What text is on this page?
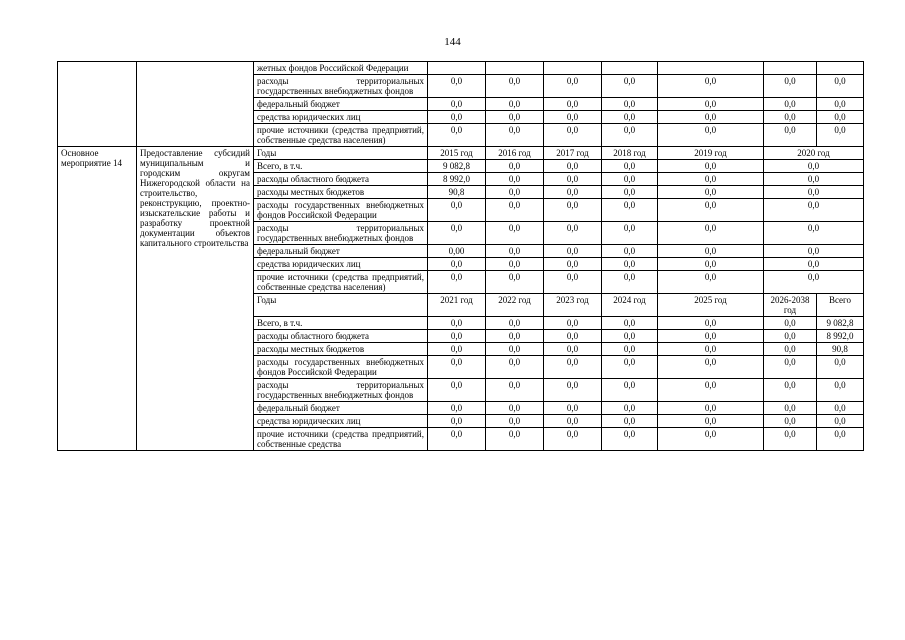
144
		жетных фондов Российской Федерации							
		расходы территориальных государственных внебюджетных фондов	0,0	0,0	0,0	0,0	0,0	0,0	0,0
		федеральный бюджет	0,0	0,0	0,0	0,0	0,0	0,0	0,0
		средства юридических лиц	0,0	0,0	0,0	0,0	0,0	0,0	0,0
		прочие источники (средства предприятий, собственные средства населения)	0,0	0,0	0,0	0,0	0,0	0,0	0,0
Основное мероприятие 14	Предоставление субсидий муниципальным и городским округам Нижегородской области на строительство, реконструкцию, проектно-изыскательские работы и разработку проектной документации объектов капитального строительства	Годы	2015 год	2016 год	2017 год	2018 год	2019 год	2020 год	
		Всего, в т.ч.	9 082,8	0,0	0,0	0,0	0,0	0,0	
		расходы областного бюджета	8 992,0	0,0	0,0	0,0	0,0	0,0	
		расходы местных бюджетов	90,8	0,0	0,0	0,0	0,0	0,0	
		расходы государственных внебюджетных фондов Российской Федерации	0,0	0,0	0,0	0,0	0,0	0,0	
		расходы территориальных государственных внебюджетных фондов	0,0	0,0	0,0	0,0	0,0	0,0	
		федеральный бюджет	0,00	0,0	0,0	0,0	0,0	0,0	
		средства юридических лиц	0,0	0,0	0,0	0,0	0,0	0,0	
		прочие источники (средства предприятий, собственные средства населения)	0,0	0,0	0,0	0,0	0,0	0,0	
		Годы	2021 год	2022 год	2023 год	2024 год	2025 год	2026-2038 год	Всего
		Всего, в т.ч.	0,0	0,0	0,0	0,0	0,0	0,0	9 082,8
		расходы областного бюджета	0,0	0,0	0,0	0,0	0,0	0,0	8 992,0
		расходы местных бюджетов	0,0	0,0	0,0	0,0	0,0	0,0	90,8
		расходы государственных внебюджетных фондов Российской Федерации	0,0	0,0	0,0	0,0	0,0	0,0	0,0
		расходы территориальных государственных внебюджетных фондов	0,0	0,0	0,0	0,0	0,0	0,0	0,0
		федеральный бюджет	0,0	0,0	0,0	0,0	0,0	0,0	0,0
		средства юридических лиц	0,0	0,0	0,0	0,0	0,0	0,0	0,0
		прочие источники (средства предприятий, собственные средства	0,0	0,0	0,0	0,0	0,0	0,0	0,0
